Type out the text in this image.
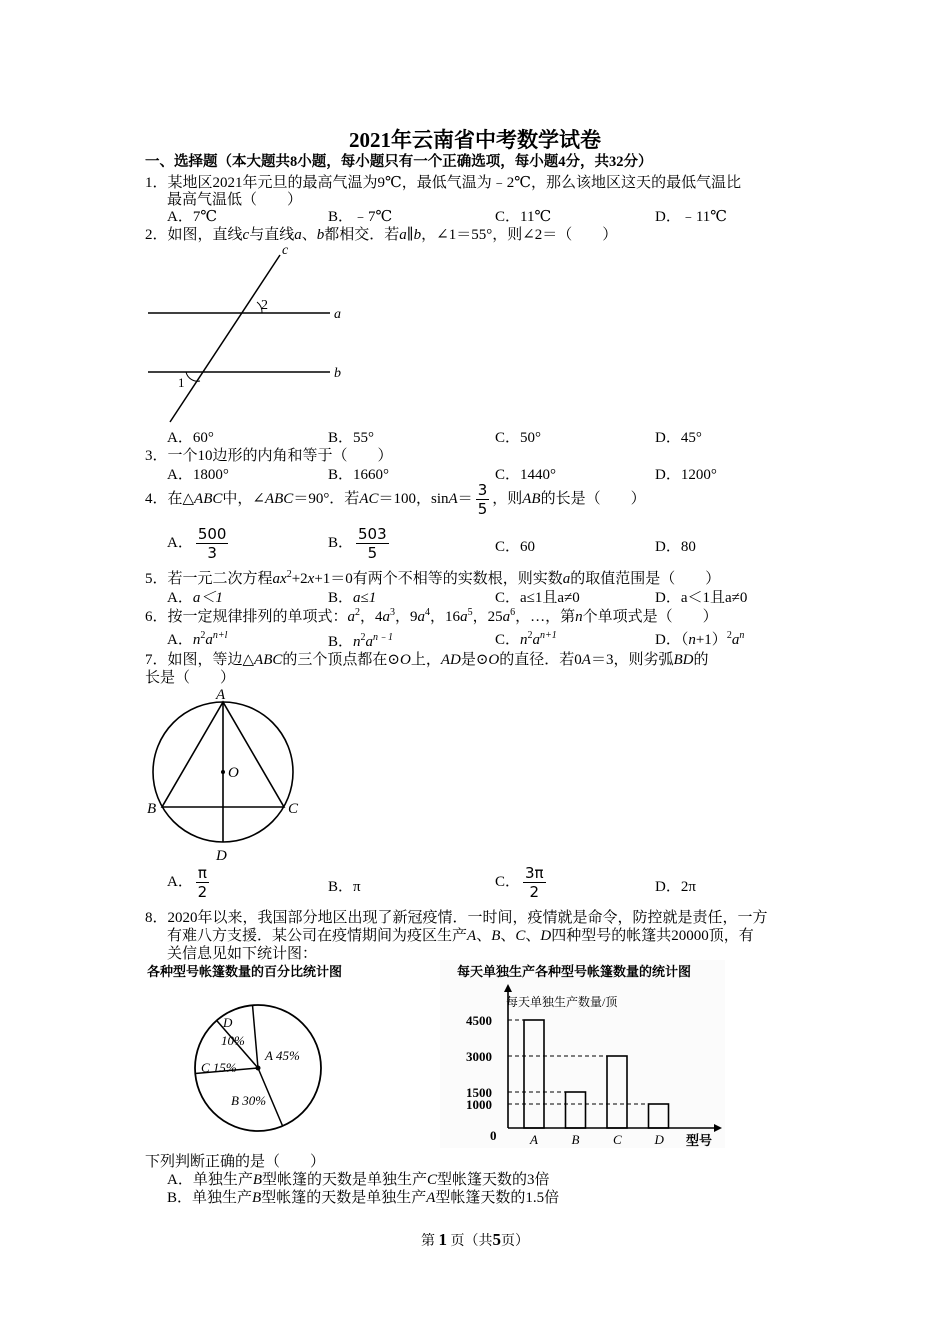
2021年云南省中考数学试卷
一、选择题（本大题共8小题，每小题只有一个正确选项，每小题4分，共32分）
1．某地区2021年元旦的最高气温为9℃，最低气温为﹣2℃，那么该地区这天的最低气温比
最高气温低（　　）
A．7℃	B．﹣7℃	C．11℃	D．﹣11℃
2．如图，直线c与直线a、b都相交．若a∥b，∠1＝55°，则∠2＝（　　）
c
a
b
2
1
A．60°	B．55°	C．50°	D．45°
3．一个10边形的内角和等于（　　）
A．1800°	B．1660°	C．1440°	D．1200°
4．在△ABC中，∠ABC＝90°．若AC＝100，$\sin A= \frac{3}{5}$ ，则AB的长是（　　）
A． $\frac{500}{3}$	B． $\frac{503}{5}$	C．60	D．80
5．若一元二次方程$ax^2+2x+1=0$有两个不相等的实数根，则实数a的取值范围是（　　）
A．a＜1	B．a≤1	C．a≤1且a≠0	D．a＜1且a≠0
6．按一定规律排列的单项式：$a^2$，$4a^3$，$9a^4$，$16a^5$，$25a^6$，…，第n个单项式是（　　）
A．$n^2a^{n+l}$	B．$n^2a^{n﹣1}$	C．$n^2a^{n+1}$	D．$(n+1)^2a^n$
7．如图，等边△ABC的三个顶点都在⊙O上，AD是⊙O的直径．若0A＝3，则劣弧BD的
长是（　　）
A
B	C
D
O
A． $\frac{\pi}{2}$	B．π	C． $\frac{3\pi}{2}$	D．2π
8．2020年以来，我国部分地区出现了新冠疫情．一时间，疫情就是命令，防控就是责任，一方
有难八方支援．某公司在疫情期间为疫区生产A、B、C、D四种型号的帐篷共20000顶，有
关信息见如下统计图：
各种型号帐篷数量的百分比统计图
A 45%
B 30%
C 15%
D
10%
每天单独生产各种型号帐篷数量的统计图
A	B	C	D
1000
1500
3000
4500
每天单独生产数量/顶
型号
0
下列判断正确的是（　　）
A．单独生产B型帐篷的天数是单独生产C型帐篷天数的3倍
B．单独生产B型帐篷的天数是单独生产A型帐篷天数的1.5倍
第 1 页（共5页）
